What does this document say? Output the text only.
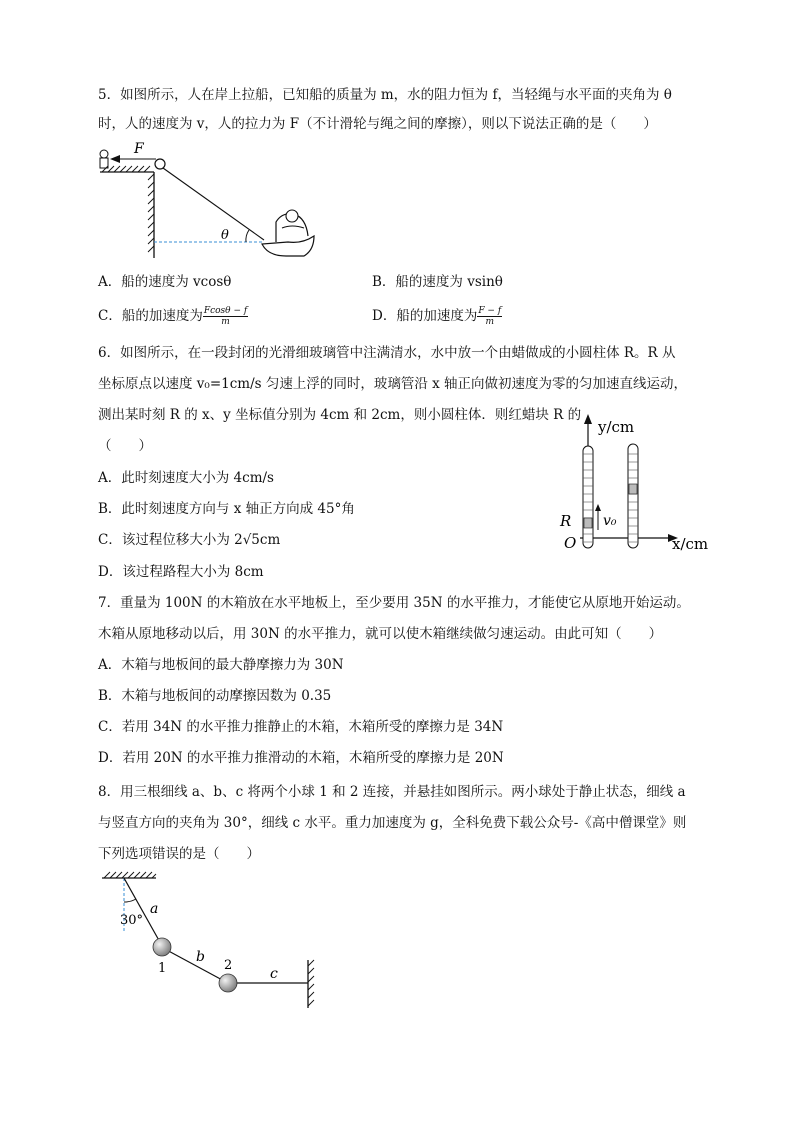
5．如图所示，人在岸上拉船，已知船的质量为 m，水的阻力恒为 f，当轻绳与水平面的夹角为 θ
时，人的速度为 v，人的拉力为 F（不计滑轮与绳之间的摩擦），则以下说法正确的是（　　）
F
θ
A．船的速度为 vcosθ	B．船的速度为 vsinθ
C．船的加速度为 $\frac{Fcos\theta - f}{m}$	D．船的加速度为 $\frac{F - f}{m}$
6．如图所示，在一段封闭的光滑细玻璃管中注满清水，水中放一个由蜡做成的小圆柱体 R。R 从
坐标原点以速度 v₀=1cm/s 匀速上浮的同时，玻璃管沿 x 轴正向做初速度为零的匀加速直线运动，
测出某时刻 R 的 x、y 坐标值分别为 4cm 和 2cm，则小圆柱体．则红蜡块 R 的
（　　）
A．此时刻速度大小为 4cm/s
B．此时刻速度方向与 x 轴正方向成 45°角
C．该过程位移大小为 2√5cm
D．该过程路程大小为 8cm
y/cm
x/cm
v₀
R
O
7．重量为 100N 的木箱放在水平地板上，至少要用 35N 的水平推力，才能使它从原地开始运动。
木箱从原地移动以后，用 30N 的水平推力，就可以使木箱继续做匀速运动。由此可知（　　）
A．木箱与地板间的最大静摩擦力为 30N
B．木箱与地板间的动摩擦因数为 0.35
C．若用 34N 的水平推力推静止的木箱，木箱所受的摩擦力是 34N
D．若用 20N 的水平推力推滑动的木箱，木箱所受的摩擦力是 20N
8．用三根细线 a、b、c 将两个小球 1 和 2 连接，并悬挂如图所示。两小球处于静止状态，细线 a
与竖直方向的夹角为 30°，细线 c 水平。重力加速度为 g，全科免费下载公众号-《高中僧课堂》则
下列选项错误的是（　　）
30°
a
b
c
1	2
